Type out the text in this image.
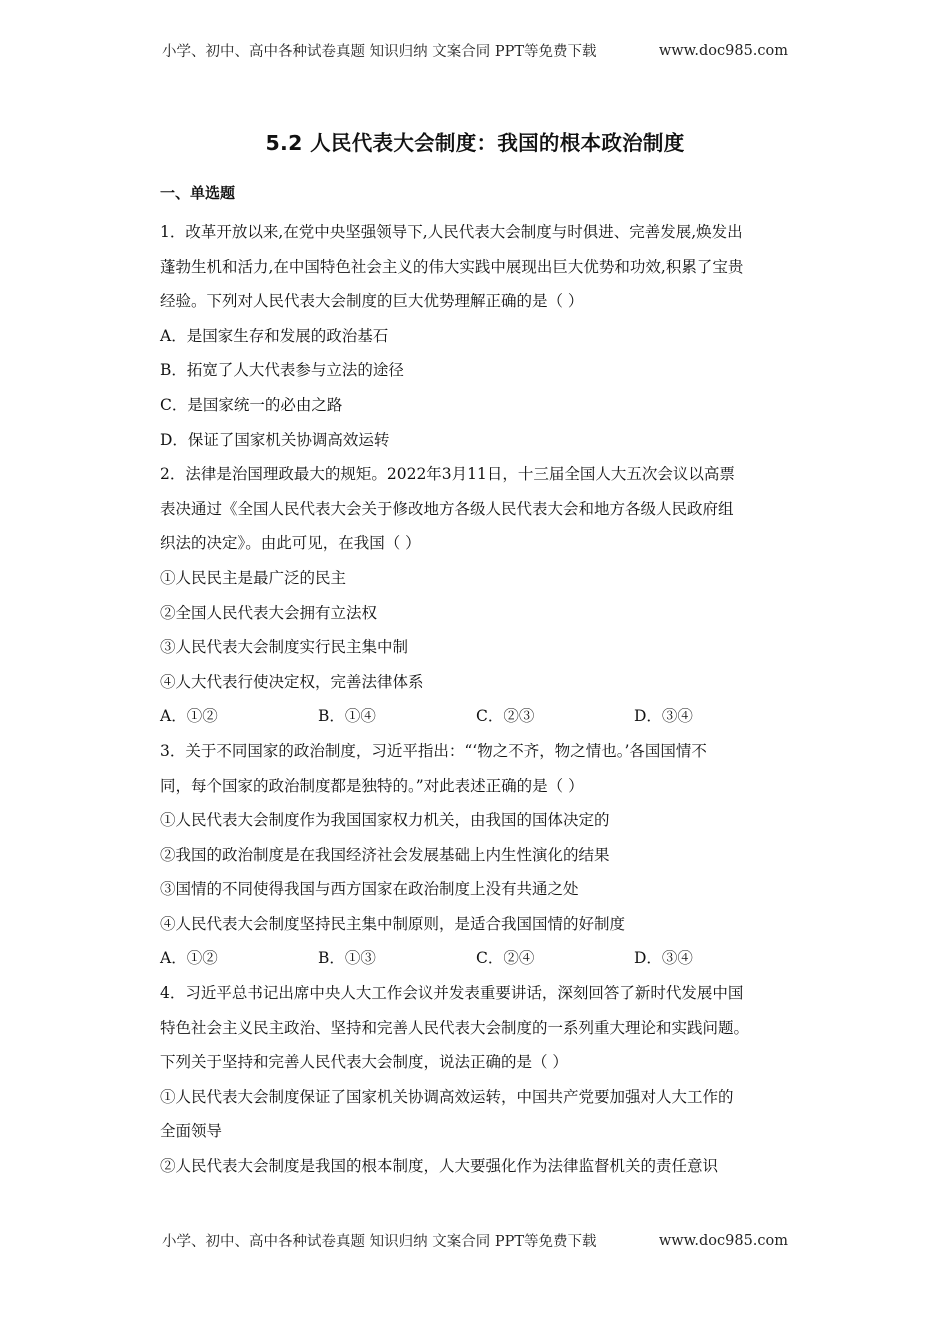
小学、初中、高中各种试卷真题 知识归纳 文案合同 PPT等免费下载	www.doc985.com
5.2 人民代表大会制度：我国的根本政治制度
一、单选题

1．改革开放以来,在党中央坚强领导下,人民代表大会制度与时俱进、完善发展,焕发出

蓬勃生机和活力,在中国特色社会主义的伟大实践中展现出巨大优势和功效,积累了宝贵

经验。下列对人民代表大会制度的巨大优势理解正确的是（ ）

A．是国家生存和发展的政治基石

B．拓宽了人大代表参与立法的途径

C．是国家统一的必由之路

D．保证了国家机关协调高效运转

2．法律是治国理政最大的规矩。2022年3月11日，十三届全国人大五次会议以高票

表决通过《全国人民代表大会关于修改地方各级人民代表大会和地方各级人民政府组

织法的决定》。由此可见，在我国（ ）

①人民民主是最广泛的民主

②全国人民代表大会拥有立法权

③人民代表大会制度实行民主集中制

④人大代表行使决定权，完善法律体系

A．①②	B．①④	C．②③	D．③④

3．关于不同国家的政治制度，习近平指出：“‘物之不齐，物之情也。’各国国情不

同，每个国家的政治制度都是独特的。”对此表述正确的是（ ）

①人民代表大会制度作为我国国家权力机关，由我国的国体决定的

②我国的政治制度是在我国经济社会发展基础上内生性演化的结果

③国情的不同使得我国与西方国家在政治制度上没有共通之处

④人民代表大会制度坚持民主集中制原则，是适合我国国情的好制度

A．①②	B．①③	C．②④	D．③④

4．习近平总书记出席中央人大工作会议并发表重要讲话，深刻回答了新时代发展中国

特色社会主义民主政治、坚持和完善人民代表大会制度的一系列重大理论和实践问题。

下列关于坚持和完善人民代表大会制度，说法正确的是（ ）

①人民代表大会制度保证了国家机关协调高效运转，中国共产党要加强对人大工作的

全面领导

②人民代表大会制度是我国的根本制度，人大要强化作为法律监督机关的责任意识

小学、初中、高中各种试卷真题 知识归纳 文案合同 PPT等免费下载	www.doc985.com
